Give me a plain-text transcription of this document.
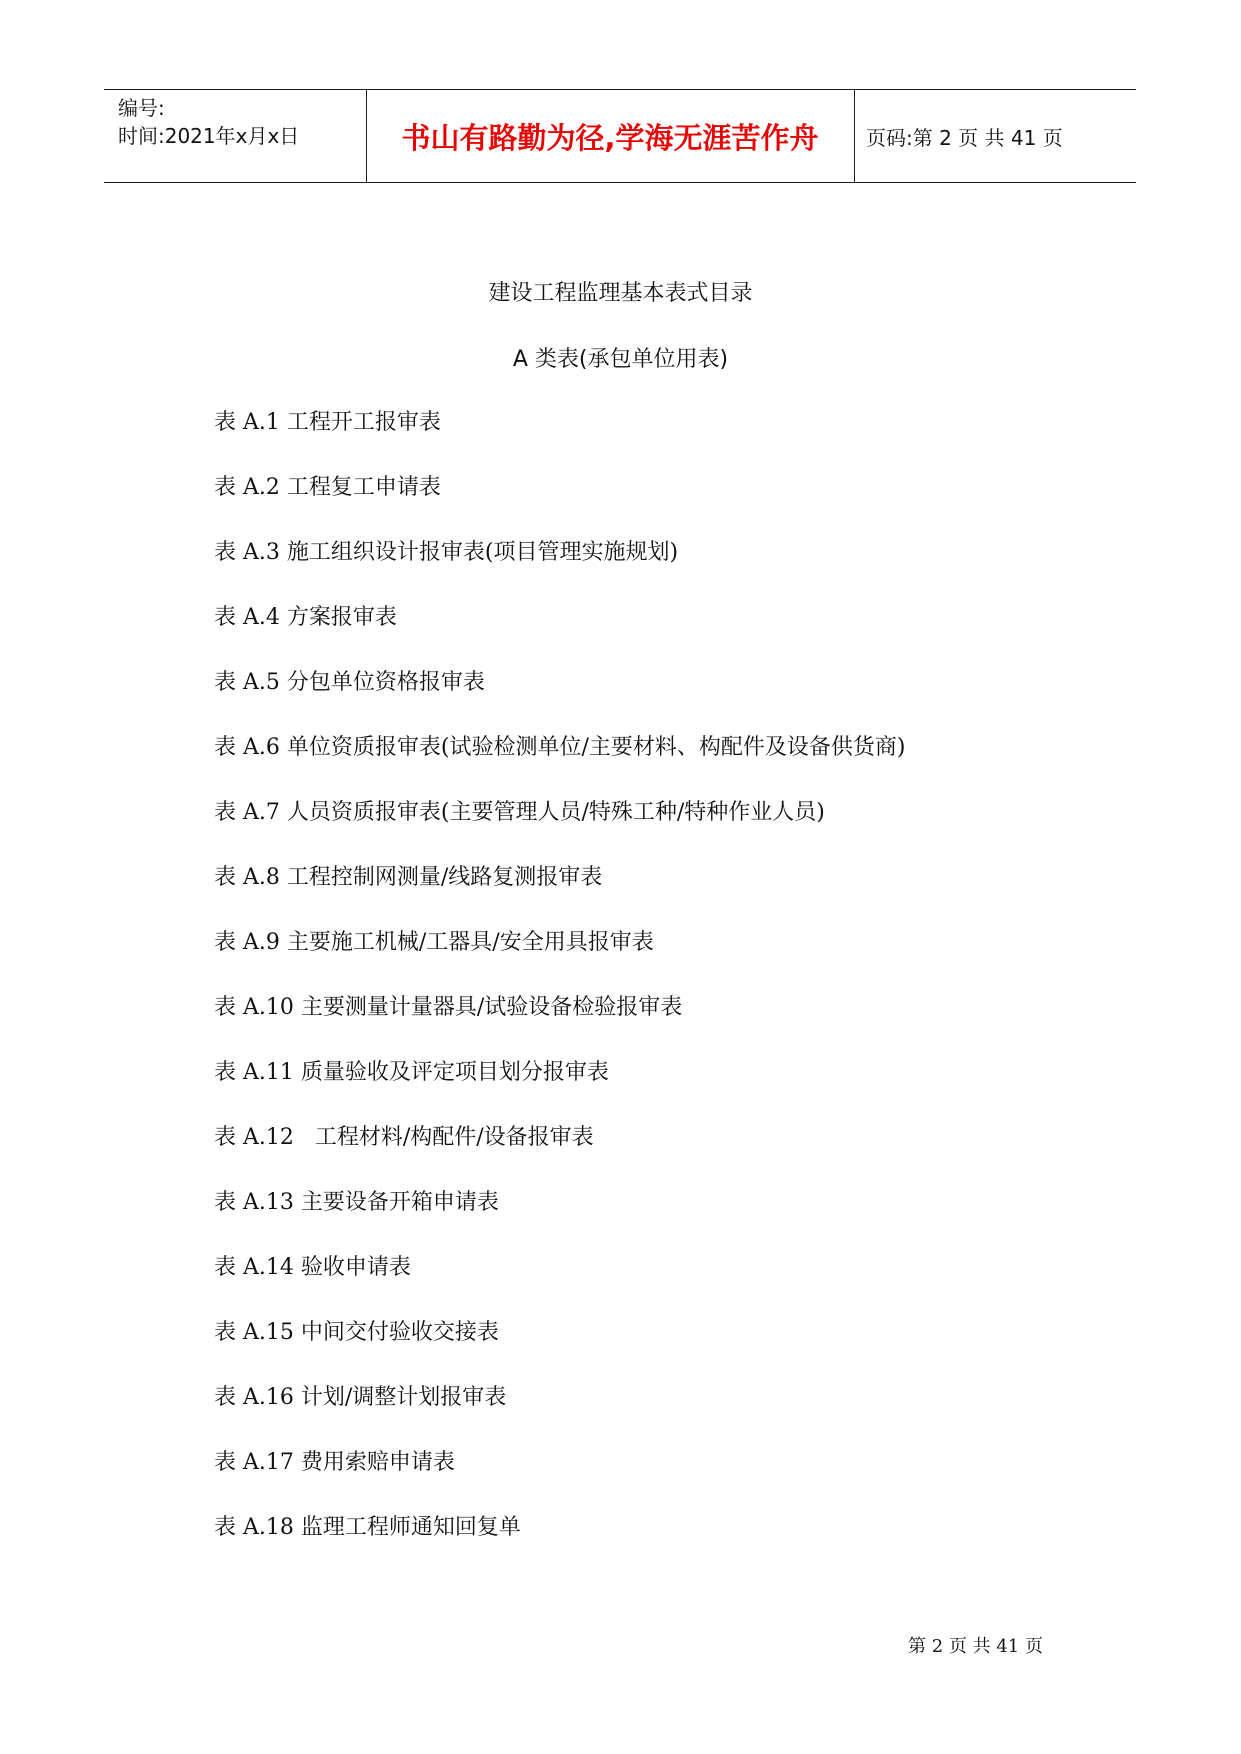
编号:
时间:2021年x月x日	书山有路勤为径,学海无涯苦作舟	页码:第 2 页 共 41 页
建设工程监理基本表式目录
A 类表(承包单位用表)
表 A.1 工程开工报审表
表 A.2 工程复工申请表
表 A.3 施工组织设计报审表(项目管理实施规划)
表 A.4 方案报审表
表 A.5 分包单位资格报审表
表 A.6 单位资质报审表(试验检测单位/主要材料、构配件及设备供货商)
表 A.7 人员资质报审表(主要管理人员/特殊工种/特种作业人员)
表 A.8 工程控制网测量/线路复测报审表
表 A.9 主要施工机械/工器具/安全用具报审表
表 A.10 主要测量计量器具/试验设备检验报审表
表 A.11 质量验收及评定项目划分报审表
表 A.12   工程材料/构配件/设备报审表
表 A.13 主要设备开箱申请表
表 A.14 验收申请表
表 A.15 中间交付验收交接表
表 A.16 计划/调整计划报审表
表 A.17 费用索赔申请表
表 A.18 监理工程师通知回复单
第 2 页 共 41 页
